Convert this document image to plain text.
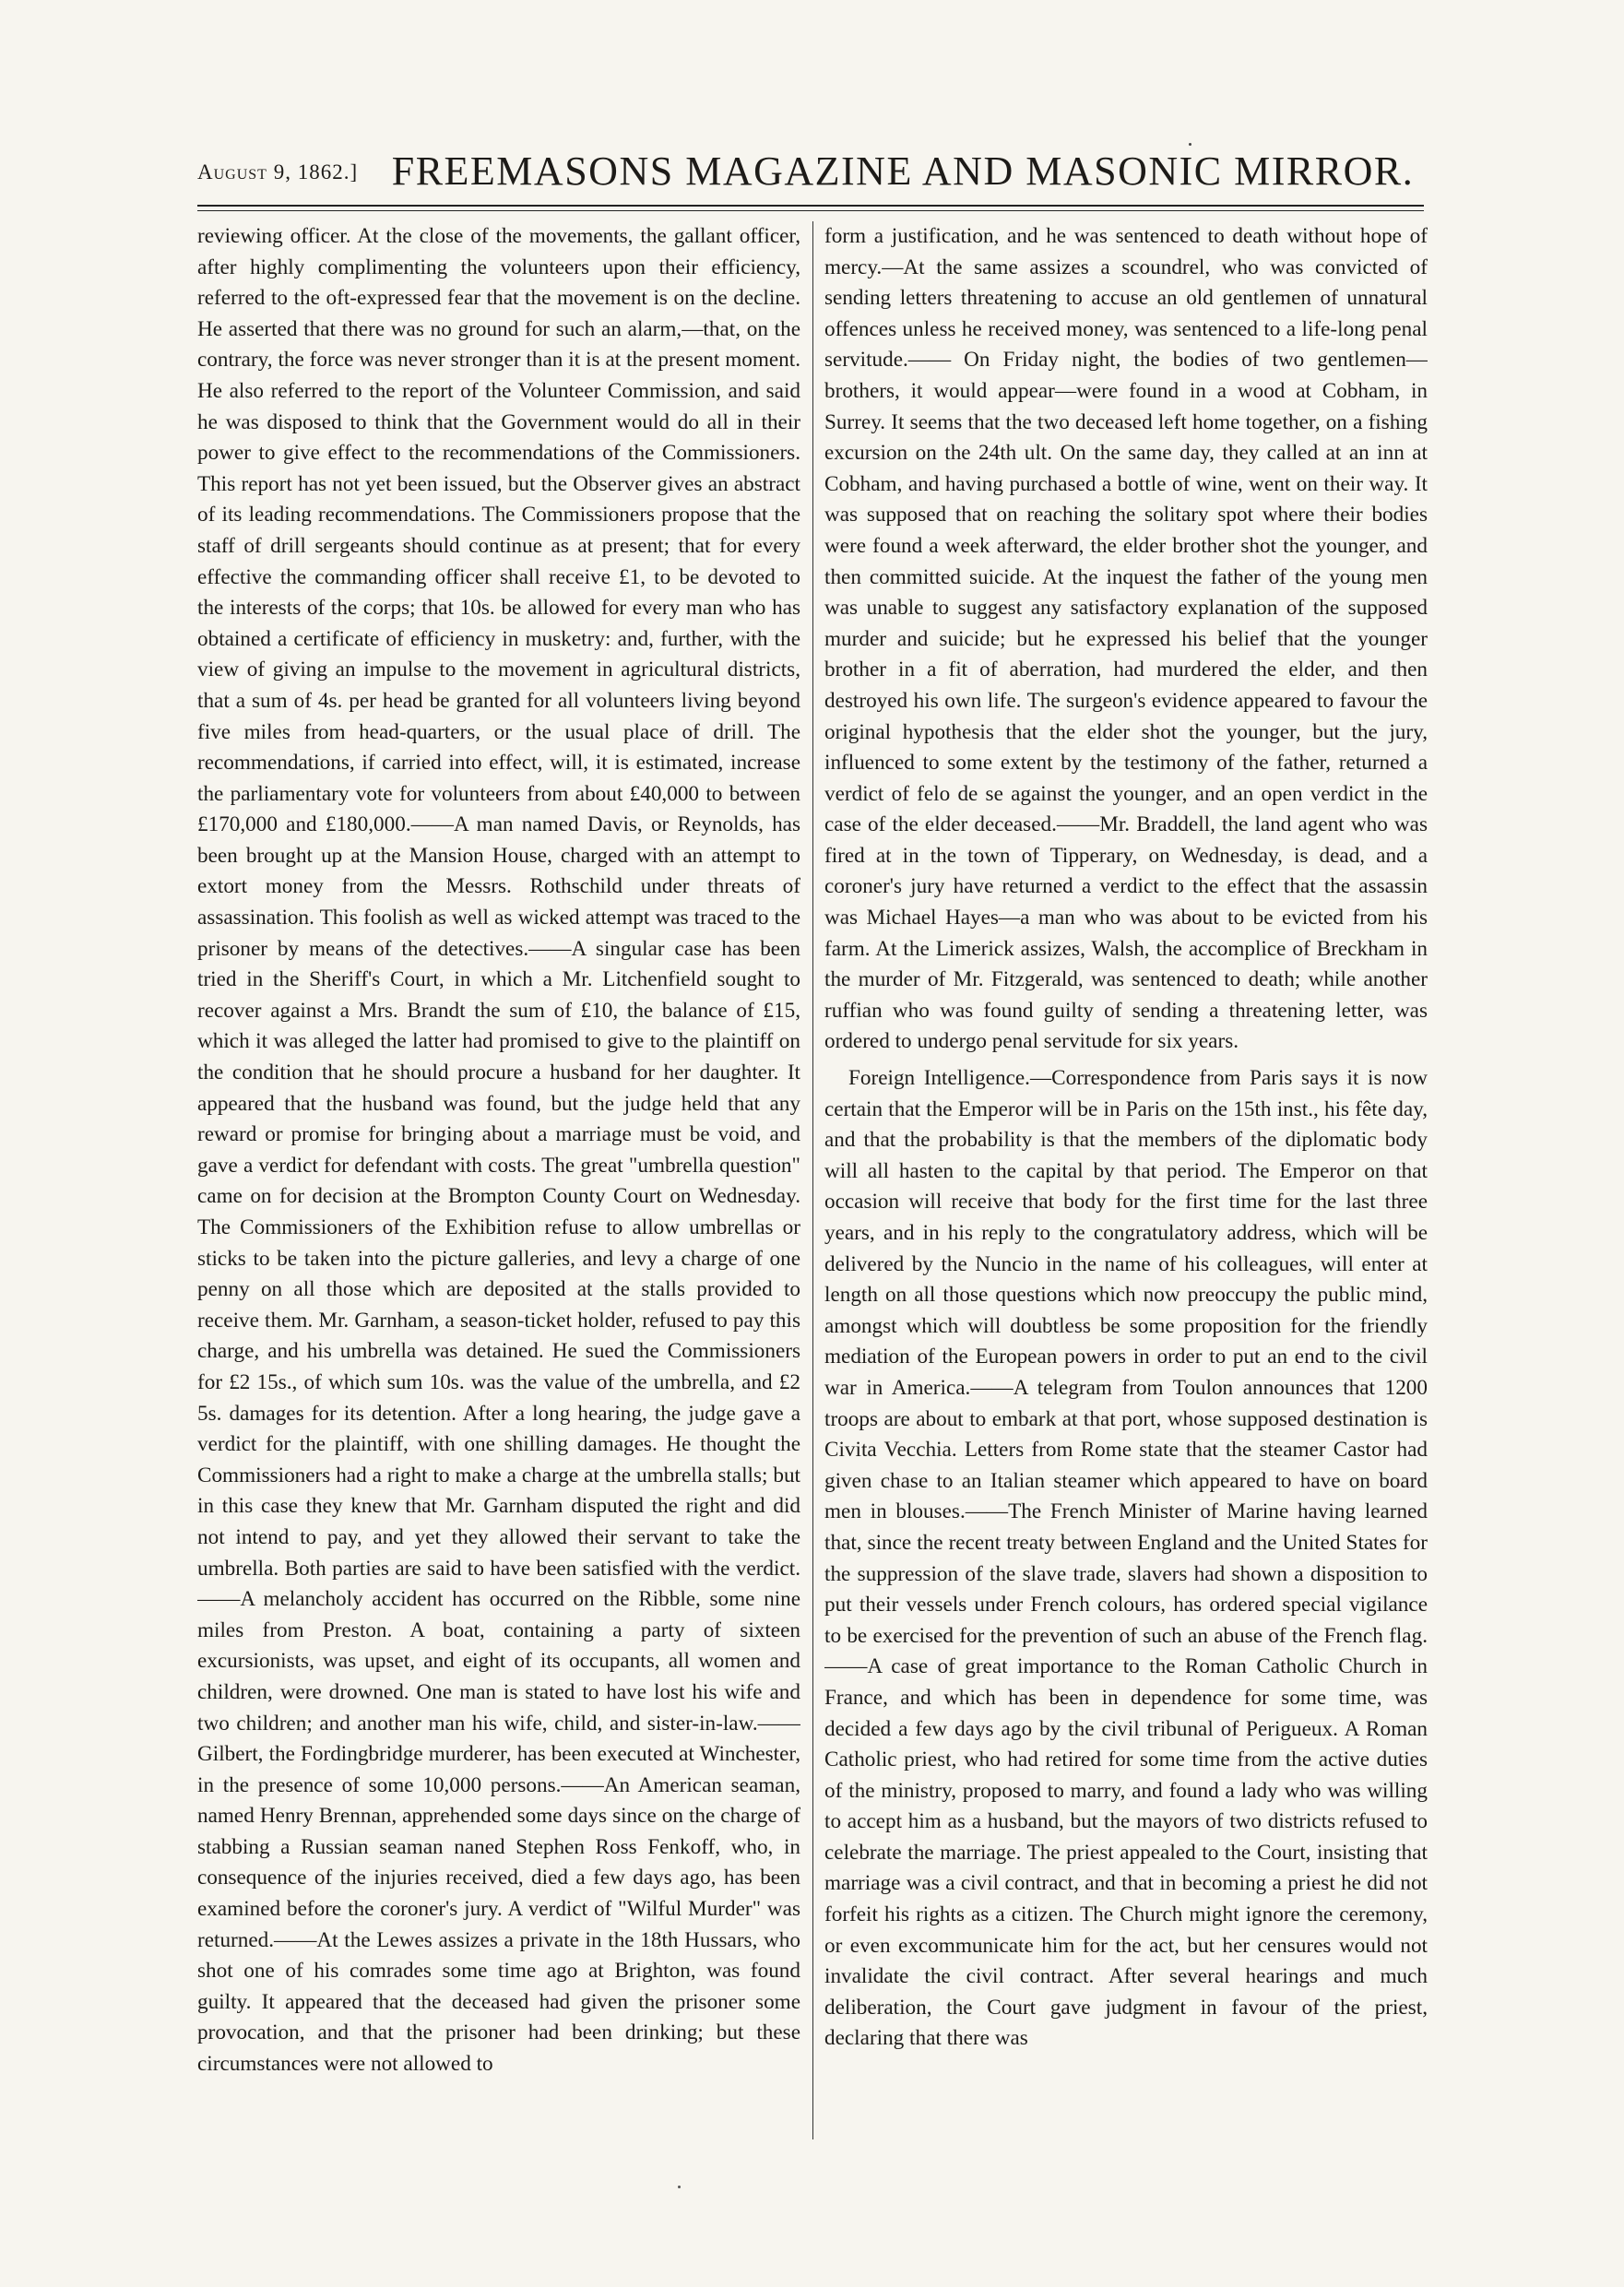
August 9, 1862.] FREEMASONS MAGAZINE AND MASONIC MIRROR.

reviewing officer. At the close of the movements, the gallant officer, after highly complimenting the volunteers upon their efficiency, referred to the oft-expressed fear that the movement is on the decline. He asserted that there was no ground for such an alarm,—that, on the contrary, the force was never stronger than it is at the present moment. He also referred to the report of the Volunteer Commission, and said he was disposed to think that the Government would do all in their power to give effect to the recommendations of the Commissioners. This report has not yet been issued, but the Observer gives an abstract of its leading recommendations. The Commissioners propose that the staff of drill sergeants should continue as at present; that for every effective the commanding officer shall receive £1, to be devoted to the interests of the corps; that 10s. be allowed for every man who has obtained a certificate of efficiency in musketry: and, further, with the view of giving an impulse to the movement in agricultural districts, that a sum of 4s. per head be granted for all volunteers living beyond five miles from head-quarters, or the usual place of drill. The recommendations, if carried into effect, will, it is estimated, increase the parliamentary vote for volunteers from about £40,000 to between £170,000 and £180,000.——A man named Davis, or Reynolds, has been brought up at the Mansion House, charged with an attempt to extort money from the Messrs. Rothschild under threats of assassination. This foolish as well as wicked attempt was traced to the prisoner by means of the detectives.——A singular case has been tried in the Sheriff's Court, in which a Mr. Litchenfield sought to recover against a Mrs. Brandt the sum of £10, the balance of £15, which it was alleged the latter had promised to give to the plaintiff on the condition that he should procure a husband for her daughter. It appeared that the husband was found, but the judge held that any reward or promise for bringing about a marriage must be void, and gave a verdict for defendant with costs. The great "umbrella question" came on for decision at the Brompton County Court on Wednesday. The Commissioners of the Exhibition refuse to allow umbrellas or sticks to be taken into the picture galleries, and levy a charge of one penny on all those which are deposited at the stalls provided to receive them. Mr. Garnham, a season-ticket holder, refused to pay this charge, and his umbrella was detained. He sued the Commissioners for £2 15s., of which sum 10s. was the value of the umbrella, and £2 5s. damages for its detention. After a long hearing, the judge gave a verdict for the plaintiff, with one shilling damages. He thought the Commissioners had a right to make a charge at the umbrella stalls; but in this case they knew that Mr. Garnham disputed the right and did not intend to pay, and yet they allowed their servant to take the umbrella. Both parties are said to have been satisfied with the verdict.——A melancholy accident has occurred on the Ribble, some nine miles from Preston. A boat, containing a party of sixteen excursionists, was upset, and eight of its occupants, all women and children, were drowned. One man is stated to have lost his wife and two children; and another man his wife, child, and sister-in-law.——Gilbert, the Fordingbridge murderer, has been executed at Winchester, in the presence of some 10,000 persons.——An American seaman, named Henry Brennan, apprehended some days since on the charge of stabbing a Russian seaman naned Stephen Ross Fenkoff, who, in consequence of the injuries received, died a few days ago, has been examined before the coroner's jury. A verdict of "Wilful Murder" was returned.——At the Lewes assizes a private in the 18th Hussars, who shot one of his comrades some time ago at Brighton, was found guilty. It appeared that the deceased had given the prisoner some provocation, and that the prisoner had been drinking; but these circumstances were not allowed to

form a justification, and he was sentenced to death without hope of mercy.—At the same assizes a scoundrel, who was convicted of sending letters threatening to accuse an old gentlemen of unnatural offences unless he received money, was sentenced to a life-long penal servitude.—— On Friday night, the bodies of two gentlemen—brothers, it would appear—were found in a wood at Cobham, in Surrey. It seems that the two deceased left home together, on a fishing excursion on the 24th ult. On the same day, they called at an inn at Cobham, and having purchased a bottle of wine, went on their way. It was supposed that on reaching the solitary spot where their bodies were found a week afterward, the elder brother shot the younger, and then committed suicide. At the inquest the father of the young men was unable to suggest any satisfactory explanation of the supposed murder and suicide; but he expressed his belief that the younger brother in a fit of aberration, had murdered the elder, and then destroyed his own life. The surgeon's evidence appeared to favour the original hypothesis that the elder shot the younger, but the jury, influenced to some extent by the testimony of the father, returned a verdict of felo de se against the younger, and an open verdict in the case of the elder deceased.——Mr. Braddell, the land agent who was fired at in the town of Tipperary, on Wednesday, is dead, and a coroner's jury have returned a verdict to the effect that the assassin was Michael Hayes—a man who was about to be evicted from his farm. At the Limerick assizes, Walsh, the accomplice of Breckham in the murder of Mr. Fitzgerald, was sentenced to death; while another ruffian who was found guilty of sending a threatening letter, was ordered to undergo penal servitude for six years.

Foreign Intelligence.—Correspondence from Paris says it is now certain that the Emperor will be in Paris on the 15th inst., his fête day, and that the probability is that the members of the diplomatic body will all hasten to the capital by that period. The Emperor on that occasion will receive that body for the first time for the last three years, and in his reply to the congratulatory address, which will be delivered by the Nuncio in the name of his colleagues, will enter at length on all those questions which now preoccupy the public mind, amongst which will doubtless be some proposition for the friendly mediation of the European powers in order to put an end to the civil war in America.——A telegram from Toulon announces that 1200 troops are about to embark at that port, whose supposed destination is Civita Vecchia. Letters from Rome state that the steamer Castor had given chase to an Italian steamer which appeared to have on board men in blouses.——The French Minister of Marine having learned that, since the recent treaty between England and the United States for the suppression of the slave trade, slavers had shown a disposition to put their vessels under French colours, has ordered special vigilance to be exercised for the prevention of such an abuse of the French flag.——A case of great importance to the Roman Catholic Church in France, and which has been in dependence for some time, was decided a few days ago by the civil tribunal of Perigueux. A Roman Catholic priest, who had retired for some time from the active duties of the ministry, proposed to marry, and found a lady who was willing to accept him as a husband, but the mayors of two districts refused to celebrate the marriage. The priest appealed to the Court, insisting that marriage was a civil contract, and that in becoming a priest he did not forfeit his rights as a citizen. The Church might ignore the ceremony, or even excommunicate him for the act, but her censures would not invalidate the civil contract. After several hearings and much deliberation, the Court gave judgment in favour of the priest, declaring that there was
